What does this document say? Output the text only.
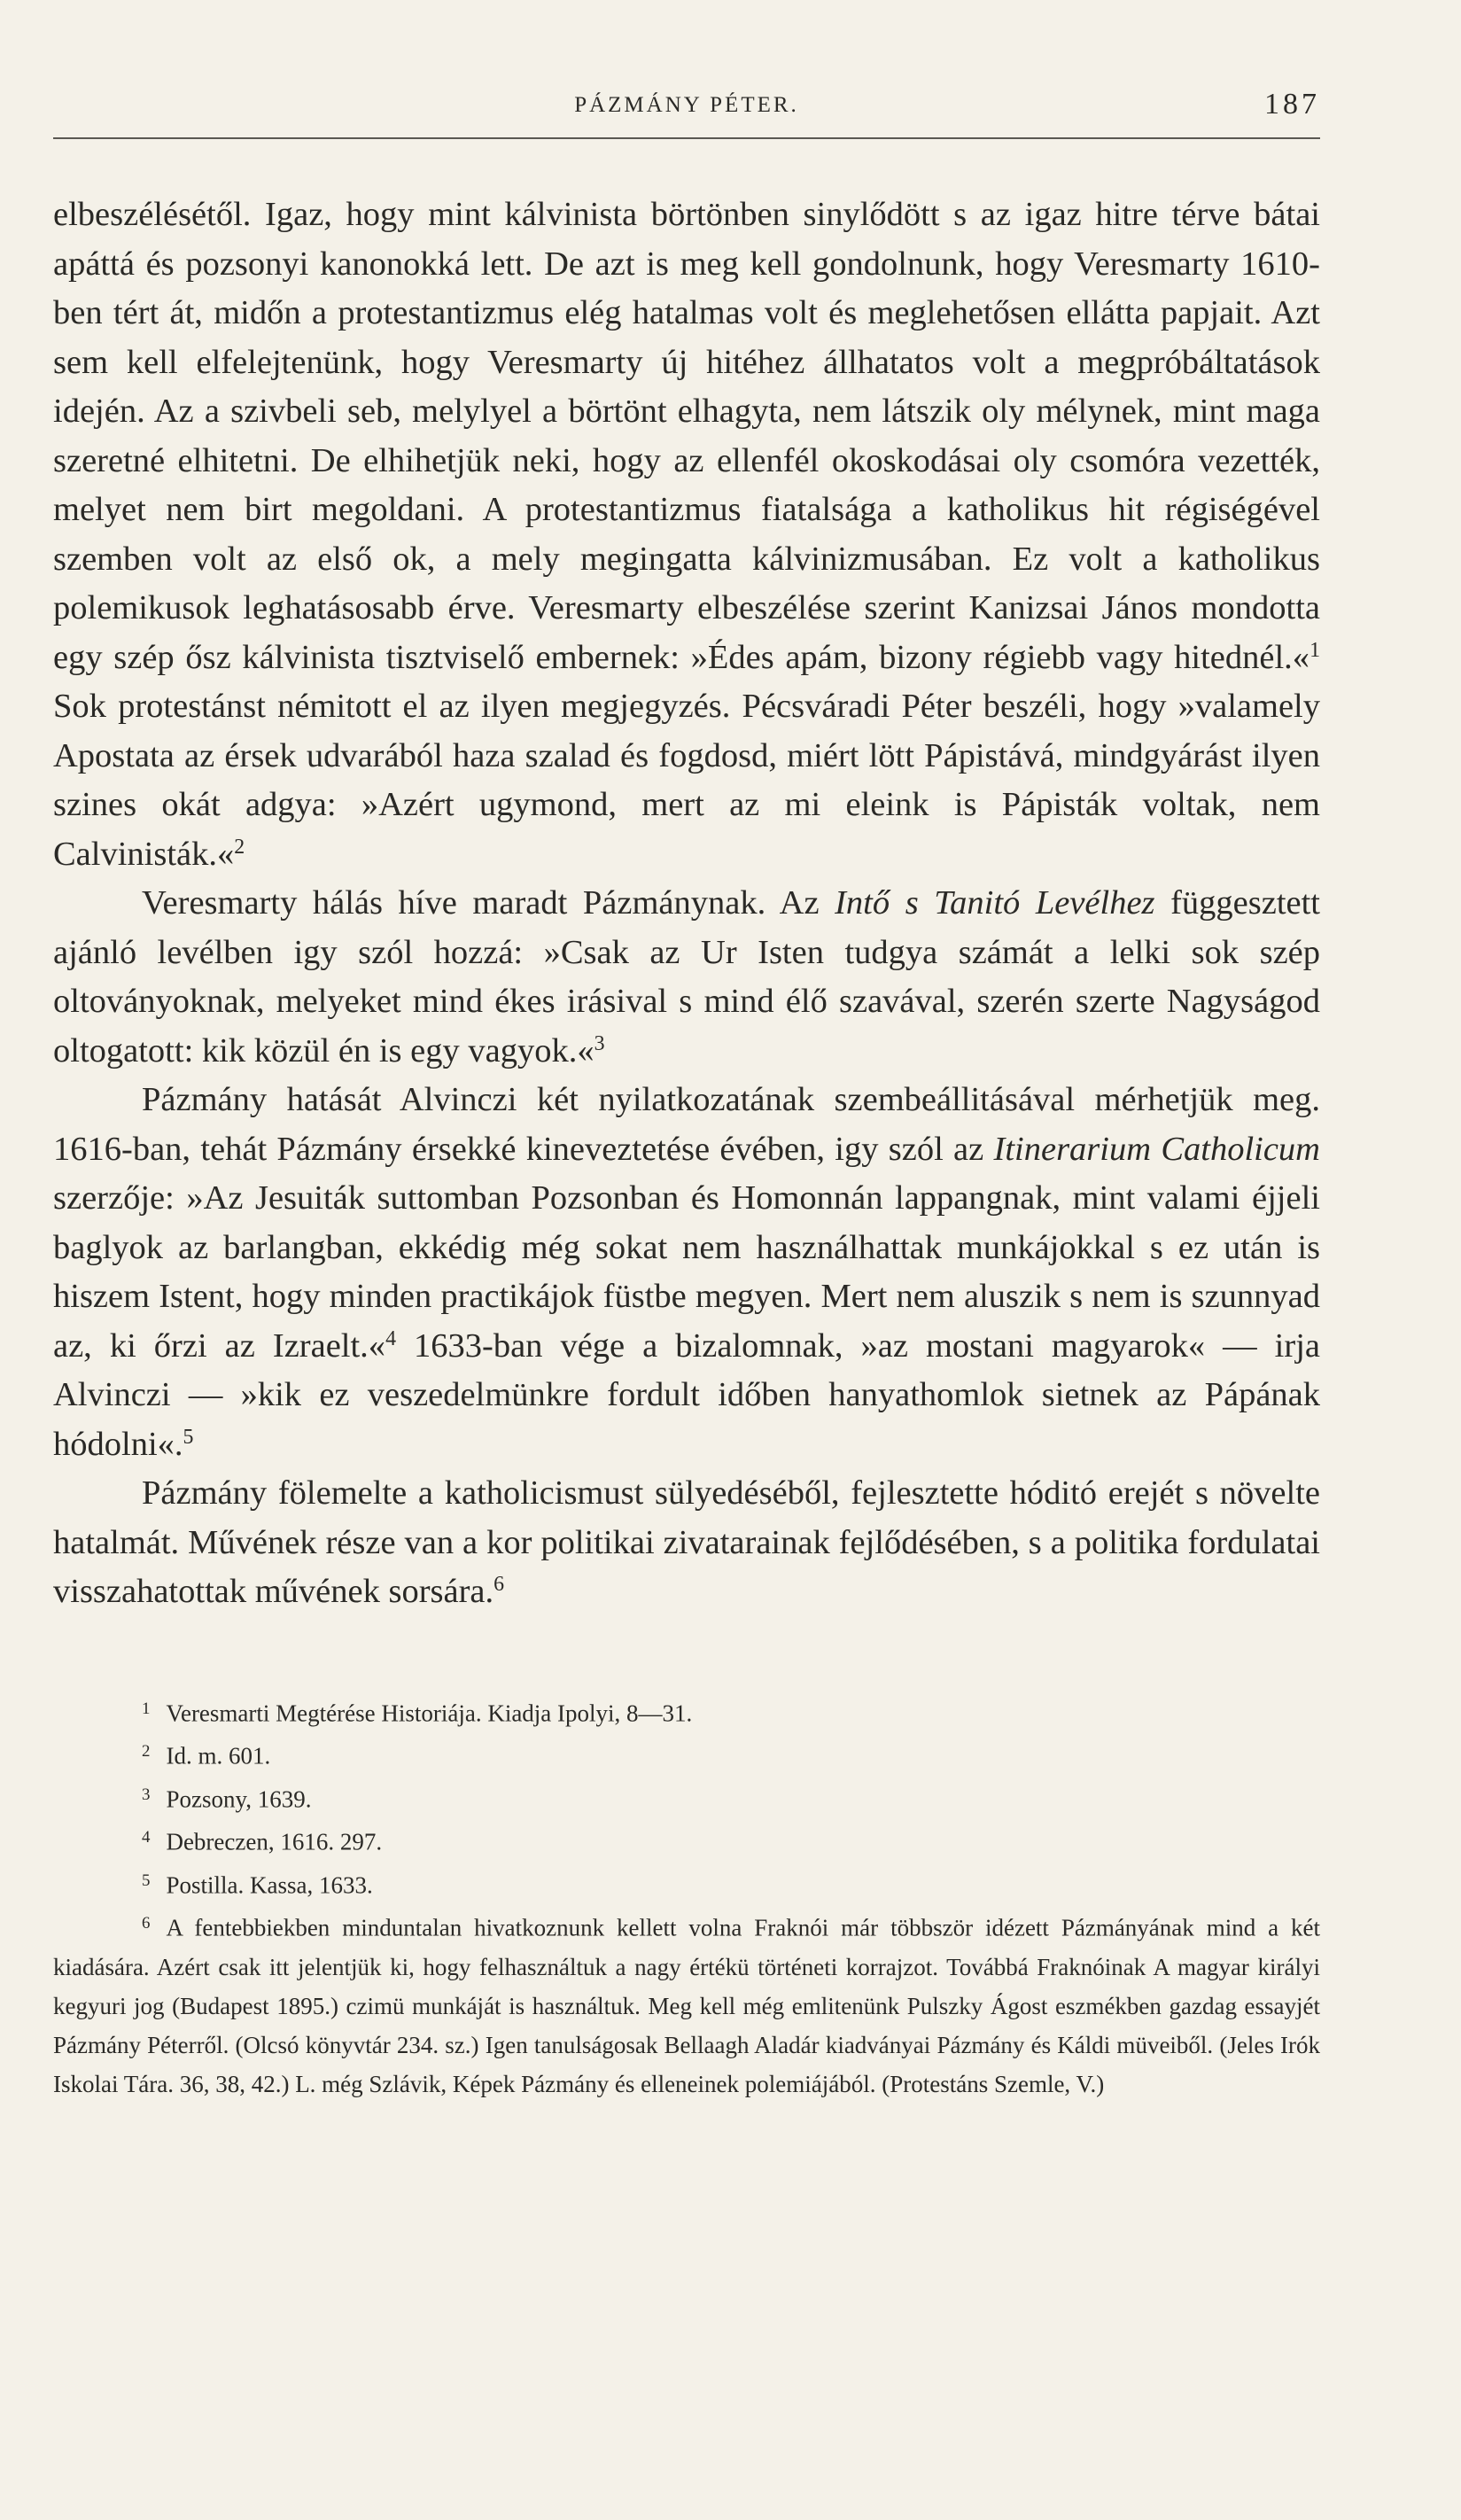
PÁZMÁNY PÉTER.	187

elbeszélésétől. Igaz, hogy mint kálvinista börtönben sinylődött s az igaz hitre térve bátai apáttá és pozsonyi kanonokká lett. De azt is meg kell gondolnunk, hogy Veresmarty 1610-ben tért át, midőn a protestantizmus elég hatalmas volt és meglehetősen ellátta papjait. Azt sem kell elfelejtenünk, hogy Veresmarty új hitéhez állhatatos volt a megpróbáltatások idején. Az a szivbeli seb, melylyel a börtönt elhagyta, nem látszik oly mélynek, mint maga szeretné elhitetni. De elhihetjük neki, hogy az ellenfél okoskodásai oly csomóra vezették, melyet nem birt megoldani. A protestantizmus fiatalsága a katholikus hit régiségével szemben volt az első ok, a mely megingatta kálvinizmusában. Ez volt a katholikus polemikusok leghatásosabb érve. Veresmarty elbeszélése szerint Kanizsai János mondotta egy szép ősz kálvinista tisztviselő embernek: »Édes apám, bizony régiebb vagy hitednél.«$^1$ Sok protestánst némitott el az ilyen megjegyzés. Pécsváradi Péter beszéli, hogy »valamely Apostata az érsek udvarából haza szalad és fogdosd, miért lött Pápistává, mindgyárást ilyen szines okát adgya: »Azért ugymond, mert az mi eleink is Pápisták voltak, nem Calvinisták.«$^2$

Veresmarty hálás híve maradt Pázmánynak. Az Intő s Tanitó Levélhez függesztett ajánló levélben igy szól hozzá: »Csak az Ur Isten tudgya számát a lelki sok szép oltoványoknak, melyeket mind ékes irásival s mind élő szavával, szerén szerte Nagyságod oltogatott: kik közül én is egy vagyok.«$^3$

Pázmány hatását Alvinczi két nyilatkozatának szembeállitásával mérhetjük meg. 1616-ban, tehát Pázmány érsekké kineveztetése évében, igy szól az Itinerarium Catholicum szerzője: »Az Jesuiták suttomban Pozsonban és Homonnán lappangnak, mint valami éjjeli baglyok az barlangban, ekkédig még sokat nem használhattak munkájokkal s ez után is hiszem Istent, hogy minden practikájok füstbe megyen. Mert nem aluszik s nem is szunnyad az, ki őrzi az Izraelt.«$^4$ 1633-ban vége a bizalomnak, »az mostani magyarok« — irja Alvinczi — »kik ez veszedelmünkre fordult időben hanyathomlok sietnek az Pápának hódolni«.$^5$

Pázmány fölemelte a katholicismust sülyedéséből, fejlesztette hóditó erejét s növelte hatalmát. Művének része van a kor politikai zivatarainak fejlődésében, s a politika fordulatai visszahatottak művének sorsára.$^6$

$^1$ Veresmarti Megtérése Historiája. Kiadja Ipolyi, 8—31.

$^2$ Id. m. 601.

$^3$ Pozsony, 1639.

$^4$ Debreczen, 1616. 297.

$^5$ Postilla. Kassa, 1633.

$^6$ A fentebbiekben minduntalan hivatkoznunk kellett volna Fraknói már többször idézett Pázmányának mind a két kiadására. Azért csak itt jelentjük ki, hogy felhasználtuk a nagy értékü történeti korrajzot. Továbbá Fraknóinak A magyar királyi kegyuri jog (Budapest 1895.) czimü munkáját is használtuk. Meg kell még emlitenünk Pulszky Ágost eszmékben gazdag essayjét Pázmány Péterről. (Olcsó könyvtár 234. sz.) Igen tanulságosak Bellaagh Aladár kiadványai Pázmány és Káldi müveiből. (Jeles Irók Iskolai Tára. 36, 38, 42.) L. még Szlávik, Képek Pázmány és elleneinek polemiájából. (Protestáns Szemle, V.)
